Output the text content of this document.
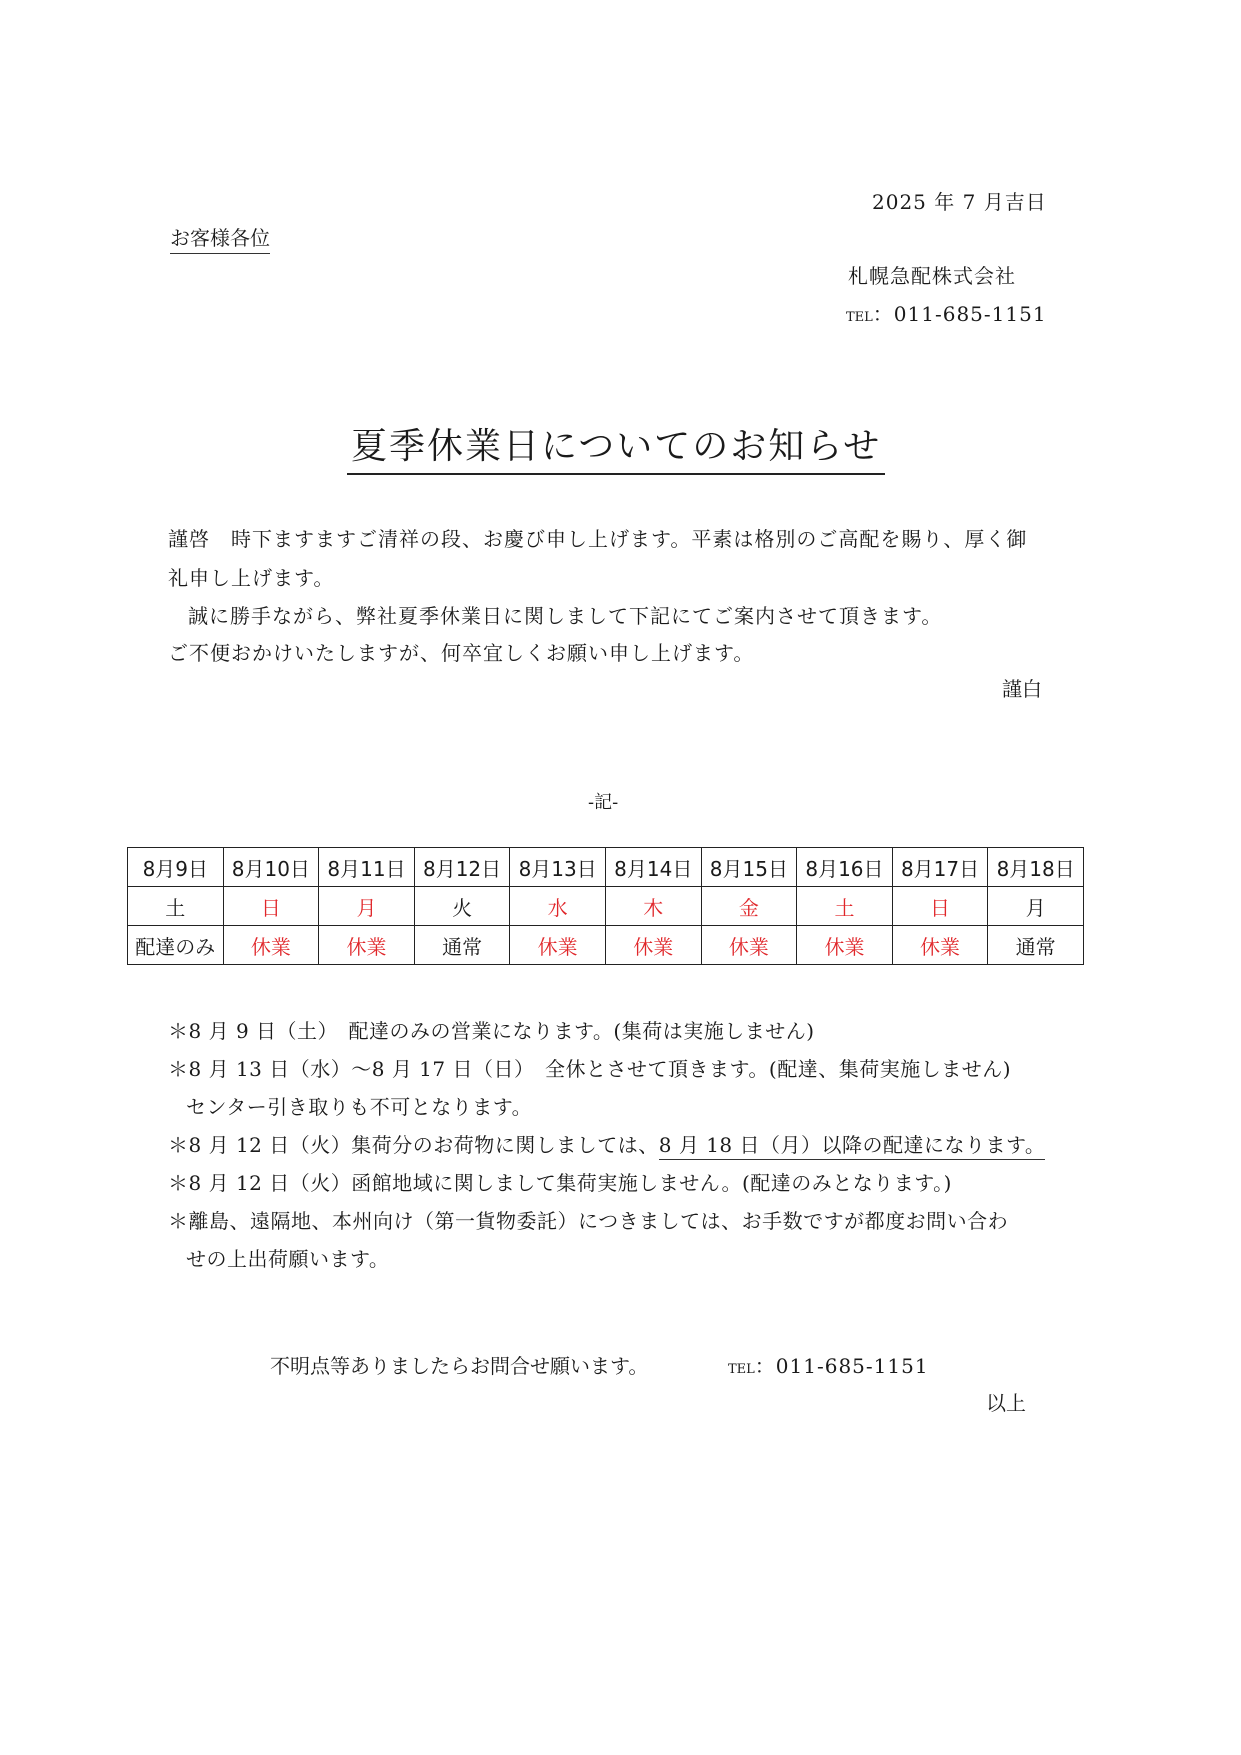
2025 年 7 月吉日
お客様各位
札幌急配株式会社
TEL：011-685-1151
夏季休業日についてのお知らせ
謹啓　時下ますますご清祥の段、お慶び申し上げます。平素は格別のご高配を賜り、厚く御
礼申し上げます。
誠に勝手ながら、弊社夏季休業日に関しまして下記にてご案内させて頂きます。
ご不便おかけいたしますが、何卒宜しくお願い申し上げます。
謹白
-記-
8月9日	8月10日	8月11日	8月12日	8月13日	8月14日	8月15日	8月16日	8月17日	8月18日
土	日	月	火	水	木	金	土	日	月
配達のみ	休業	休業	通常	休業	休業	休業	休業	休業	通常
＊8 月 9 日（土）　配達のみの営業になります。(集荷は実施しません)
＊8 月 13 日（水）～8 月 17 日（日）　全休とさせて頂きます。(配達、集荷実施しません)
センター引き取りも不可となります。
＊8 月 12 日（火）集荷分のお荷物に関しましては、8 月 18 日（月）以降の配達になります。
＊8 月 12 日（火）函館地域に関しまして集荷実施しません。(配達のみとなります。)
＊離島、遠隔地、本州向け（第一貨物委託）につきましては、お手数ですが都度お問い合わ
せの上出荷願います。
不明点等ありましたらお問合せ願います。	TEL：011-685-1151
以上
